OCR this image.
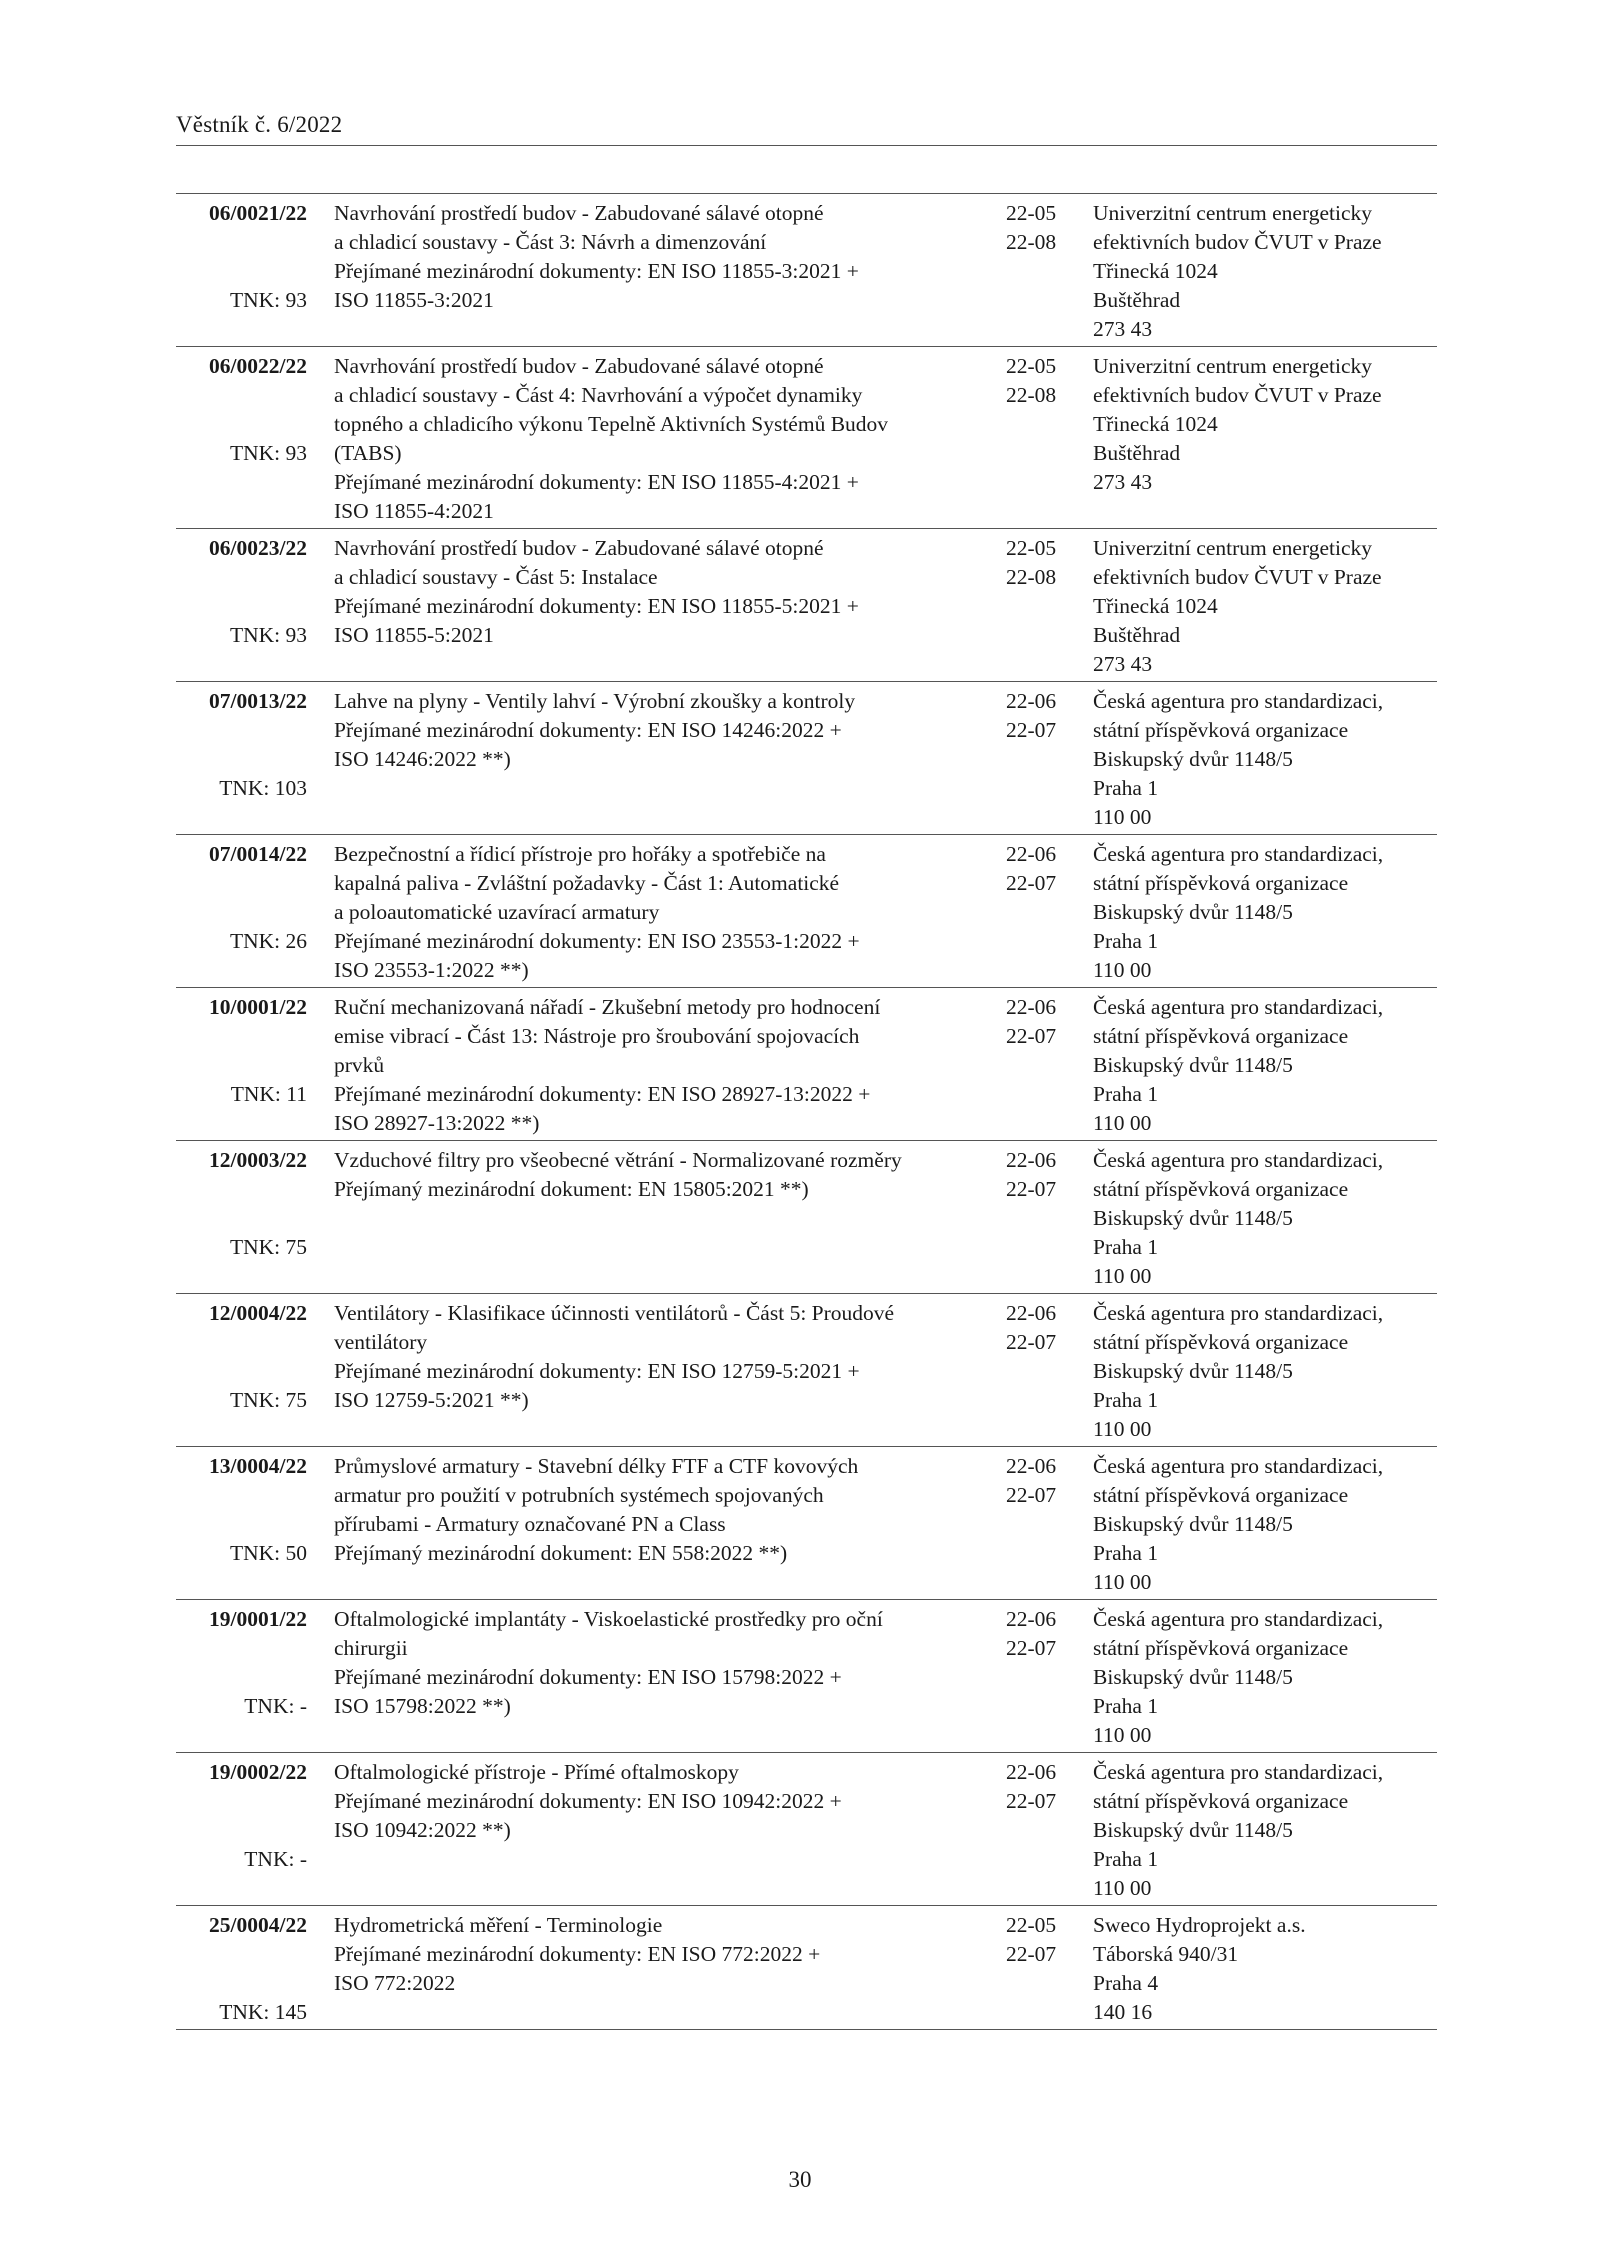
Věstník č. 6/2022
06/0021/22
TNK: 93
Navrhování prostředí budov - Zabudované sálavé otopné
a chladicí soustavy - Část 3: Návrh a dimenzování
Přejímané mezinárodní dokumenty: EN ISO 11855-3:2021 +
ISO 11855-3:2021
22-05
22-08
Univerzitní centrum energeticky
efektivních budov ČVUT v Praze
Třinecká 1024
Buštěhrad
273 43
06/0022/22
TNK: 93
Navrhování prostředí budov - Zabudované sálavé otopné
a chladicí soustavy - Část 4: Navrhování a výpočet dynamiky
topného a chladicího výkonu Tepelně Aktivních Systémů Budov
(TABS)
Přejímané mezinárodní dokumenty: EN ISO 11855-4:2021 +
ISO 11855-4:2021
22-05
22-08
Univerzitní centrum energeticky
efektivních budov ČVUT v Praze
Třinecká 1024
Buštěhrad
273 43
06/0023/22
TNK: 93
Navrhování prostředí budov - Zabudované sálavé otopné
a chladicí soustavy - Část 5: Instalace
Přejímané mezinárodní dokumenty: EN ISO 11855-5:2021 +
ISO 11855-5:2021
22-05
22-08
Univerzitní centrum energeticky
efektivních budov ČVUT v Praze
Třinecká 1024
Buštěhrad
273 43
07/0013/22
TNK: 103
Lahve na plyny - Ventily lahví - Výrobní zkoušky a kontroly
Přejímané mezinárodní dokumenty: EN ISO 14246:2022 +
ISO 14246:2022 **)
22-06
22-07
Česká agentura pro standardizaci,
státní příspěvková organizace
Biskupský dvůr 1148/5
Praha 1
110 00
07/0014/22
TNK: 26
Bezpečnostní a řídicí přístroje pro hořáky a spotřebiče na
kapalná paliva - Zvláštní požadavky - Část 1: Automatické
a poloautomatické uzavírací armatury
Přejímané mezinárodní dokumenty: EN ISO 23553-1:2022 +
ISO 23553-1:2022 **)
22-06
22-07
Česká agentura pro standardizaci,
státní příspěvková organizace
Biskupský dvůr 1148/5
Praha 1
110 00
10/0001/22
TNK: 11
Ruční mechanizovaná nářadí - Zkušební metody pro hodnocení
emise vibrací - Část 13: Nástroje pro šroubování spojovacích
prvků
Přejímané mezinárodní dokumenty: EN ISO 28927-13:2022 +
ISO 28927-13:2022 **)
22-06
22-07
Česká agentura pro standardizaci,
státní příspěvková organizace
Biskupský dvůr 1148/5
Praha 1
110 00
12/0003/22
TNK: 75
Vzduchové filtry pro všeobecné větrání - Normalizované rozměry
Přejímaný mezinárodní dokument: EN 15805:2021 **)
22-06
22-07
Česká agentura pro standardizaci,
státní příspěvková organizace
Biskupský dvůr 1148/5
Praha 1
110 00
12/0004/22
TNK: 75
Ventilátory - Klasifikace účinnosti ventilátorů - Část 5: Proudové
ventilátory
Přejímané mezinárodní dokumenty: EN ISO 12759-5:2021 +
ISO 12759-5:2021 **)
22-06
22-07
Česká agentura pro standardizaci,
státní příspěvková organizace
Biskupský dvůr 1148/5
Praha 1
110 00
13/0004/22
TNK: 50
Průmyslové armatury - Stavební délky FTF a CTF kovových
armatur pro použití v potrubních systémech spojovaných
přírubami - Armatury označované PN a Class
Přejímaný mezinárodní dokument: EN 558:2022 **)
22-06
22-07
Česká agentura pro standardizaci,
státní příspěvková organizace
Biskupský dvůr 1148/5
Praha 1
110 00
19/0001/22
TNK: -
Oftalmologické implantáty - Viskoelastické prostředky pro oční
chirurgii
Přejímané mezinárodní dokumenty: EN ISO 15798:2022 +
ISO 15798:2022 **)
22-06
22-07
Česká agentura pro standardizaci,
státní příspěvková organizace
Biskupský dvůr 1148/5
Praha 1
110 00
19/0002/22
TNK: -
Oftalmologické přístroje - Přímé oftalmoskopy
Přejímané mezinárodní dokumenty: EN ISO 10942:2022 +
ISO 10942:2022 **)
22-06
22-07
Česká agentura pro standardizaci,
státní příspěvková organizace
Biskupský dvůr 1148/5
Praha 1
110 00
25/0004/22
TNK: 145
Hydrometrická měření - Terminologie
Přejímané mezinárodní dokumenty: EN ISO 772:2022 +
ISO 772:2022
22-05
22-07
Sweco Hydroprojekt a.s.
Táborská 940/31
Praha 4
140 16
30
